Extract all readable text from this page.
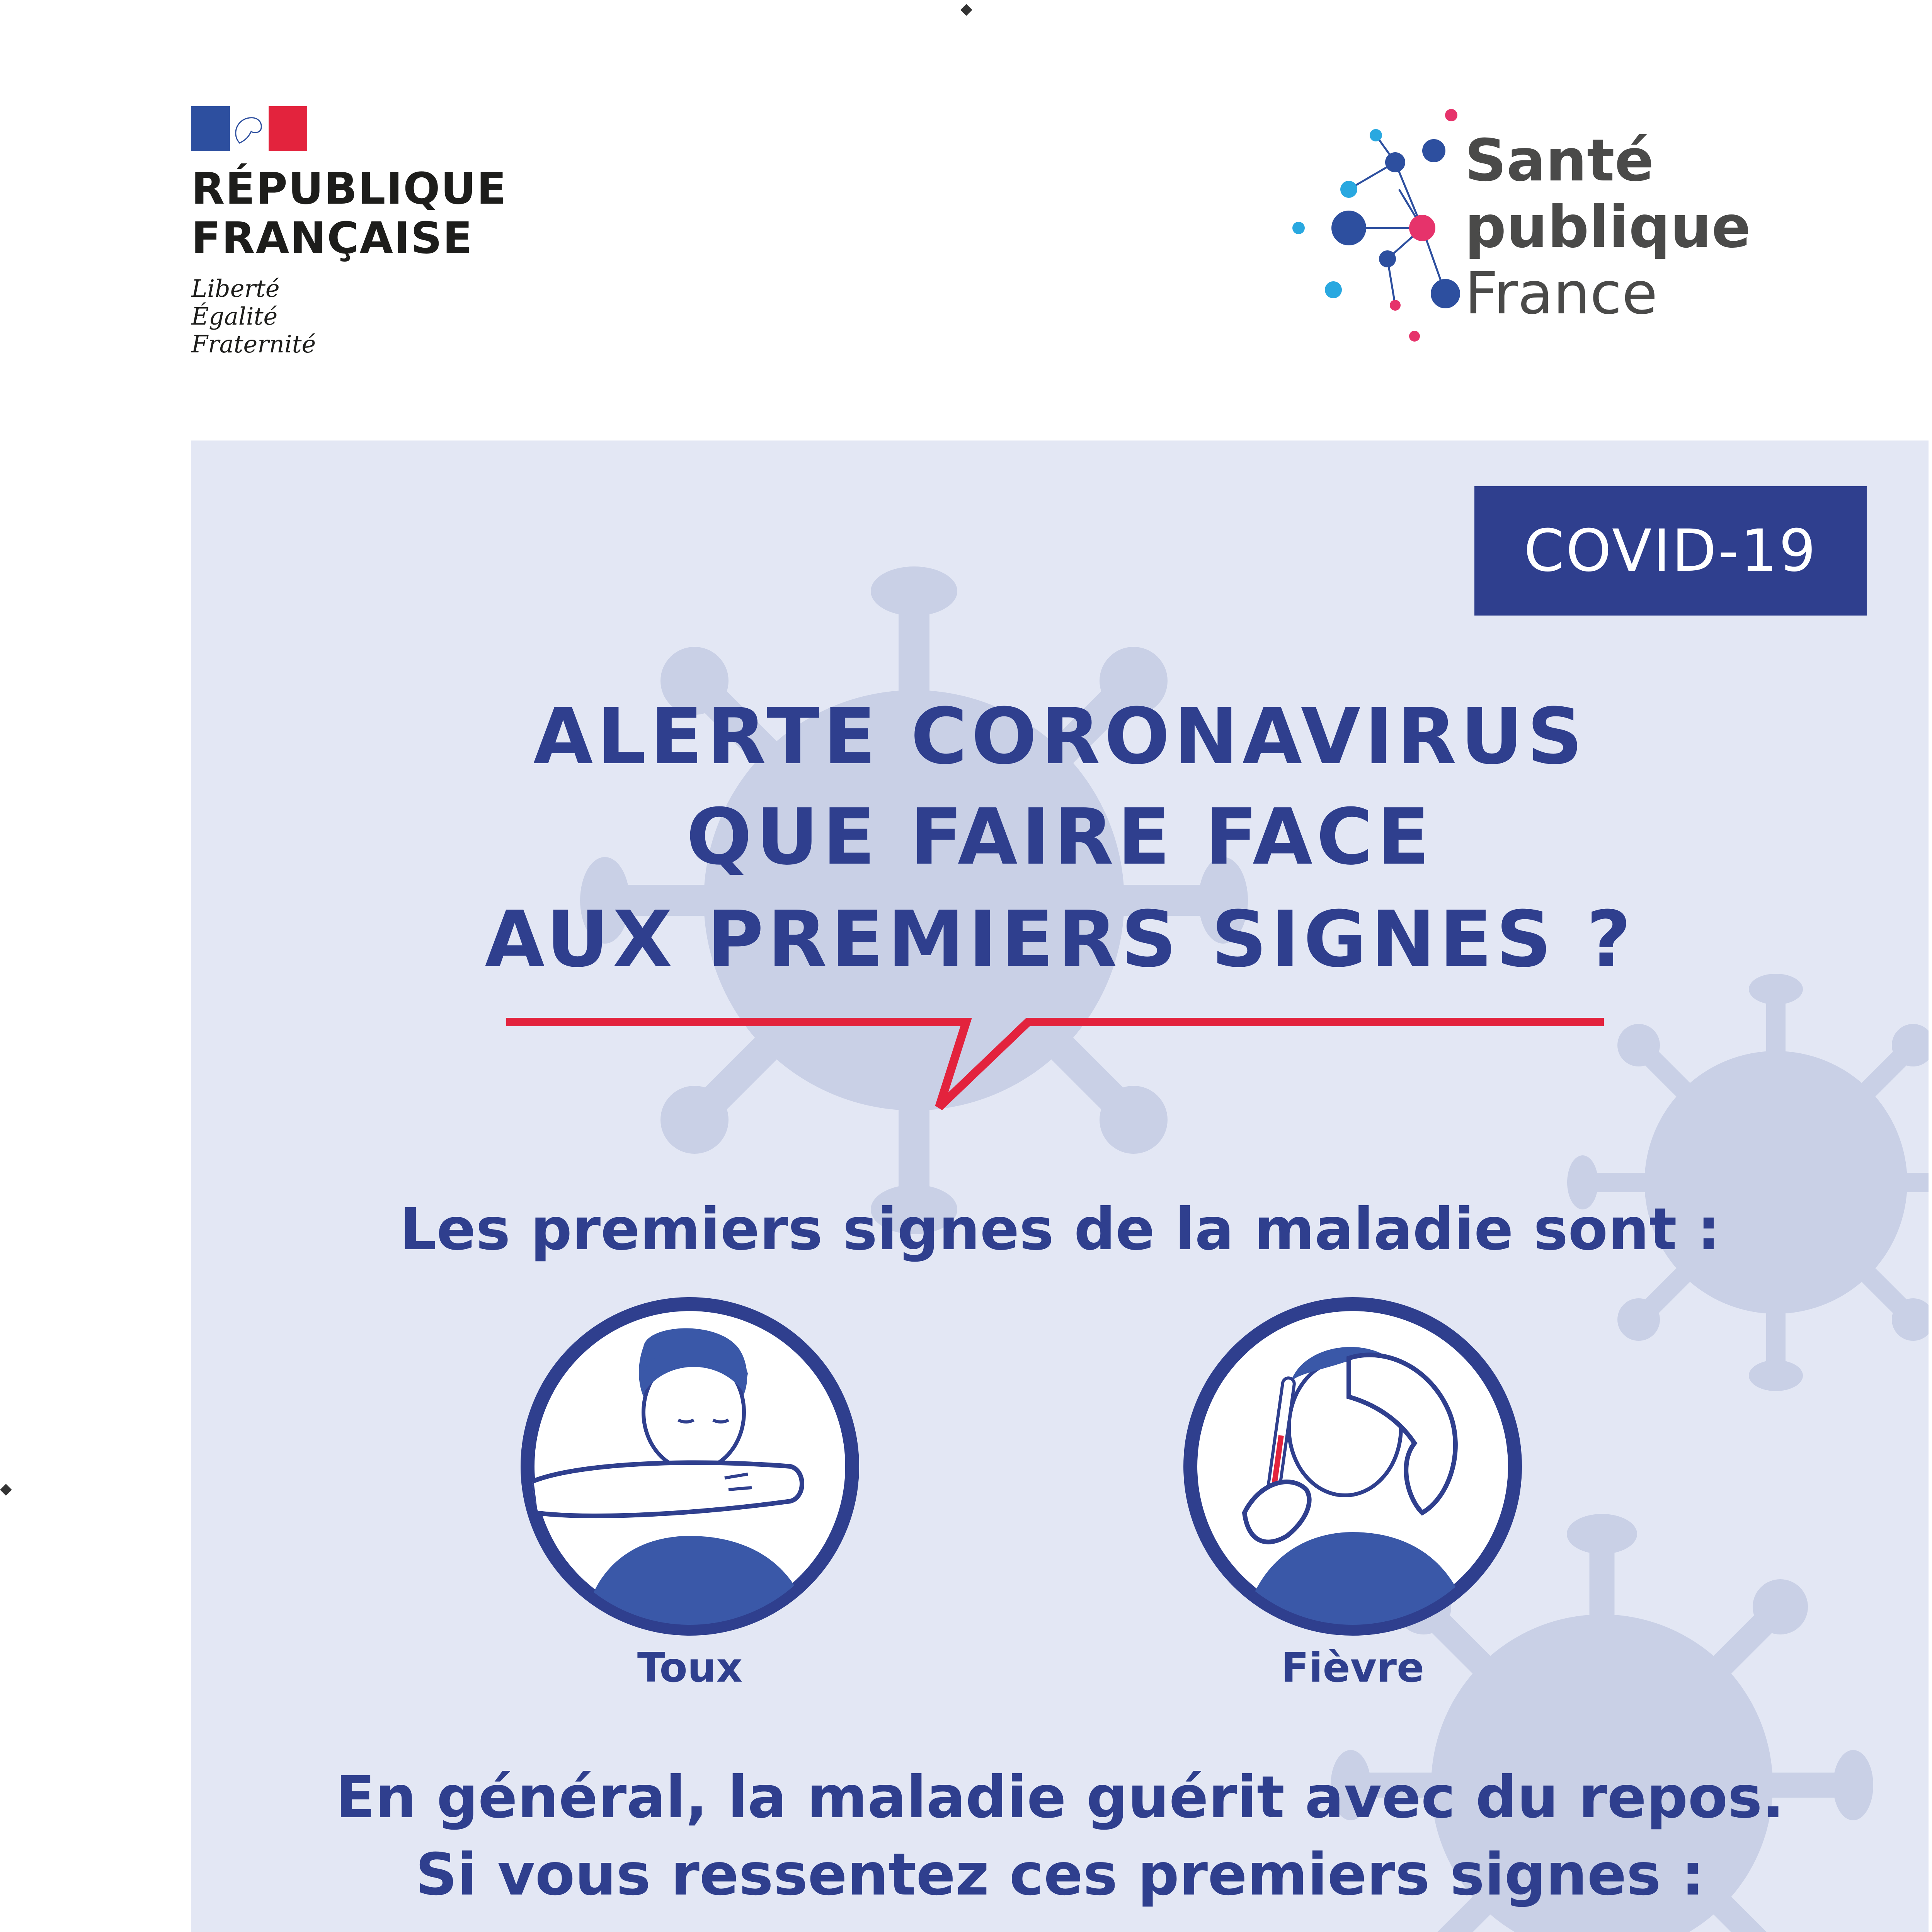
◆
◆
RÉPUBLIQUE
FRANÇAISE
Liberté
Égalité
Fraternité
Santé
publique
France
COVID-19
ALERTE CORONAVIRUS
QUE FAIRE FACE
AUX PREMIERS SIGNES ?
Les premiers signes de la maladie sont :
Toux	Fièvre
En général, la maladie guérit avec du repos.
Si vous ressentez ces premiers signes :
